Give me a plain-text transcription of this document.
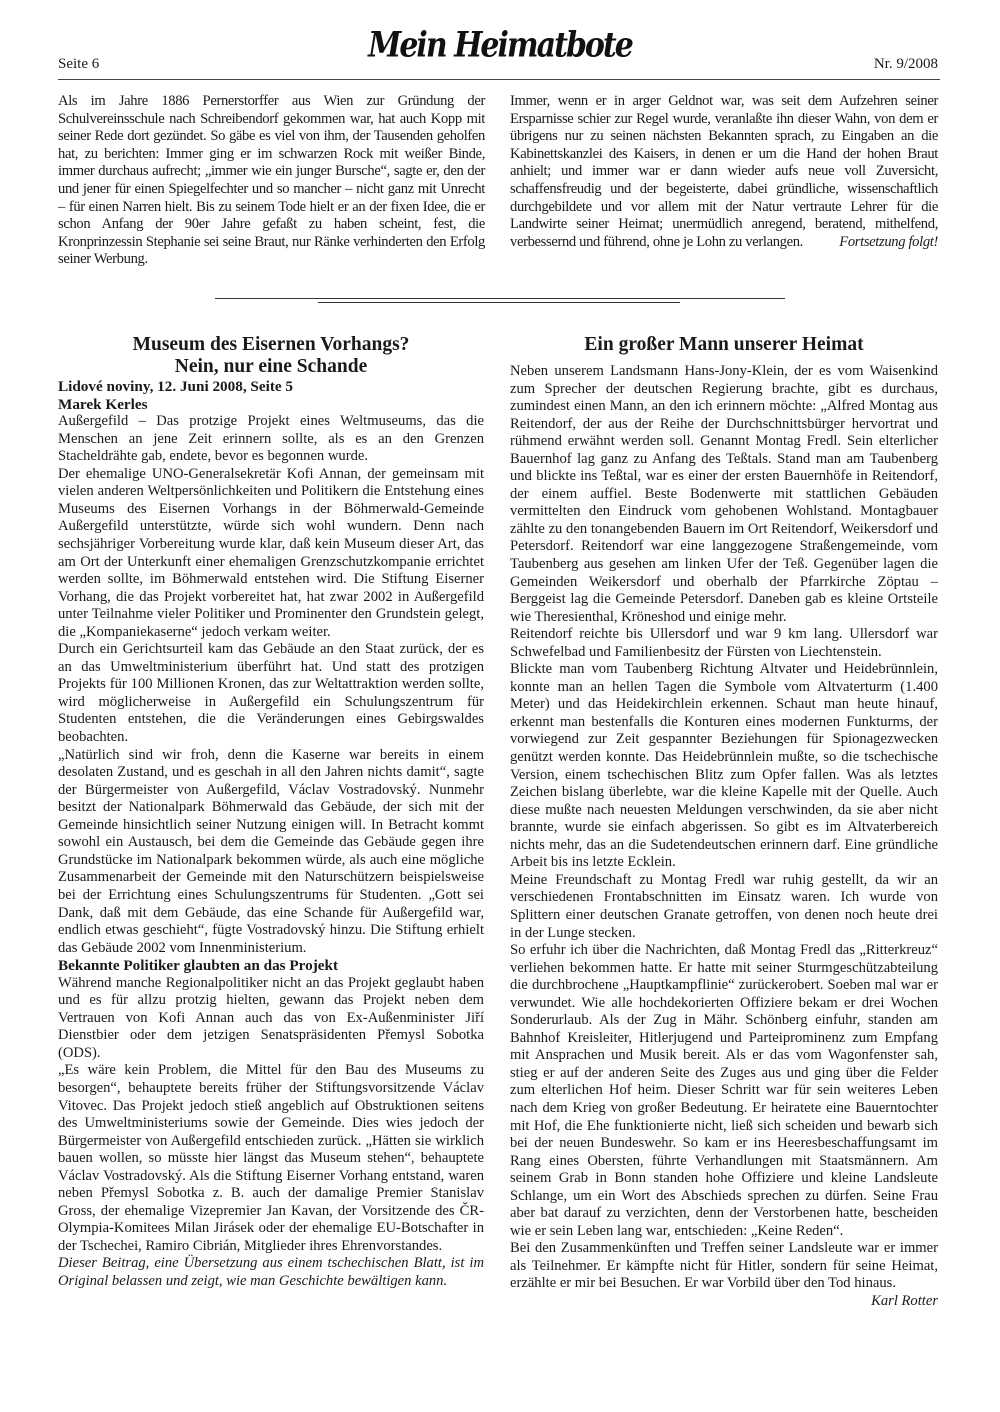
Seite 6	Mein Heimatbote	Nr. 9/2008

Als im Jahre 1886 Pernerstorffer aus Wien zur Gründung der Schulvereinsschule nach Schreibendorf gekommen war, hat auch Kopp mit seiner Rede dort gezündet. So gäbe es viel von ihm, der Tausenden geholfen hat, zu berichten: Immer ging er im schwarzen Rock mit weißer Binde, immer durchaus aufrecht; „immer wie ein junger Bursche“, sagte er, den der und jener für einen Spiegelfechter und so mancher – nicht ganz mit Unrecht – für einen Narren hielt. Bis zu seinem Tode hielt er an der fixen Idee, die er schon Anfang der 90er Jahre gefaßt zu haben scheint, fest, die Kronprinzessin Stephanie sei seine Braut, nur Ränke verhinderten den Erfolg seiner Werbung.

Immer, wenn er in arger Geldnot war, was seit dem Aufzehren seiner Ersparnisse schier zur Regel wurde, veranlaßte ihn dieser Wahn, von dem er übrigens nur zu seinen nächsten Bekannten sprach, zu Eingaben an die Kabinettskanzlei des Kaisers, in denen er um die Hand der hohen Braut anhielt; und immer war er dann wieder aufs neue voll Zuversicht, schaffensfreudig und der begeisterte, dabei gründliche, wissenschaftlich durchgebildete und vor allem mit der Natur vertraute Lehrer für die Landwirte seiner Heimat; unermüdlich anregend, beratend, mithelfend, verbessernd und führend, ohne je Lohn zu verlangen. Fortsetzung folgt!

Museum des Eisernen Vorhangs?
Nein, nur eine Schande
Lidové noviny, 12. Juni 2008, Seite 5
Marek Kerles

Außergefild – Das protzige Projekt eines Weltmuseums, das die Menschen an jene Zeit erinnern sollte, als es an den Grenzen Stacheldrähte gab, endete, bevor es begonnen wurde.

Der ehemalige UNO-Generalsekretär Kofi Annan, der gemeinsam mit vielen anderen Weltpersönlichkeiten und Politikern die Entstehung eines Museums des Eisernen Vorhangs in der Böhmerwald-Gemeinde Außergefild unterstützte, würde sich wohl wundern. Denn nach sechsjähriger Vorbereitung wurde klar, daß kein Museum dieser Art, das am Ort der Unterkunft einer ehemaligen Grenzschutzkompanie errichtet werden sollte, im Böhmerwald entstehen wird. Die Stiftung Eiserner Vorhang, die das Projekt vorbereitet hat, hat zwar 2002 in Außergefild unter Teilnahme vieler Politiker und Prominenter den Grundstein gelegt, die „Kompaniekaserne“ jedoch verkam weiter.

Durch ein Gerichtsurteil kam das Gebäude an den Staat zurück, der es an das Umweltministerium überführt hat. Und statt des protzigen Projekts für 100 Millionen Kronen, das zur Weltattraktion werden sollte, wird möglicherweise in Außergefild ein Schulungszentrum für Studenten entstehen, die die Veränderungen eines Gebirgswaldes beobachten.

„Natürlich sind wir froh, denn die Kaserne war bereits in einem desolaten Zustand, und es geschah in all den Jahren nichts damit“, sagte der Bürgermeister von Außergefild, Václav Vostradovský. Nunmehr besitzt der Nationalpark Böhmerwald das Gebäude, der sich mit der Gemeinde hinsichtlich seiner Nutzung einigen will. In Betracht kommt sowohl ein Austausch, bei dem die Gemeinde das Gebäude gegen ihre Grundstücke im Nationalpark bekommen würde, als auch eine mögliche Zusammenarbeit der Gemeinde mit den Naturschützern beispielsweise bei der Errichtung eines Schulungszentrums für Studenten. „Gott sei Dank, daß mit dem Gebäude, das eine Schande für Außergefild war, endlich etwas geschieht“, fügte Vostradovský hinzu. Die Stiftung erhielt das Gebäude 2002 vom Innenministerium.

Bekannte Politiker glaubten an das Projekt

Während manche Regionalpolitiker nicht an das Projekt geglaubt haben und es für allzu protzig hielten, gewann das Projekt neben dem Vertrauen von Kofi Annan auch das von Ex-Außenminister Jiří Dienstbier oder dem jetzigen Senatspräsidenten Přemysl Sobotka (ODS).

„Es wäre kein Problem, die Mittel für den Bau des Museums zu besorgen“, behauptete bereits früher der Stiftungsvorsitzende Václav Vitovec. Das Projekt jedoch stieß angeblich auf Obstruktionen seitens des Umweltministeriums sowie der Gemeinde. Dies wies jedoch der Bürgermeister von Außergefild entschieden zurück. „Hätten sie wirklich bauen wollen, so müsste hier längst das Museum stehen“, behauptete Václav Vostradovský. Als die Stiftung Eiserner Vorhang entstand, waren neben Přemysl Sobotka z. B. auch der damalige Premier Stanislav Gross, der ehemalige Vizepremier Jan Kavan, der Vorsitzende des ČR-Olympia-Komitees Milan Jirásek oder der ehemalige EU-Botschafter in der Tschechei, Ramiro Cibrián, Mitglieder ihres Ehrenvorstandes.

Dieser Beitrag, eine Übersetzung aus einem tschechischen Blatt, ist im Original belassen und zeigt, wie man Geschichte bewältigen kann.

Ein großer Mann unserer Heimat

Neben unserem Landsmann Hans-Jony-Klein, der es vom Waisenkind zum Sprecher der deutschen Regierung brachte, gibt es durchaus, zumindest einen Mann, an den ich erinnern möchte: „Alfred Montag aus Reitendorf, der aus der Reihe der Durchschnittsbürger hervortrat und rühmend erwähnt werden soll. Genannt Montag Fredl. Sein elterlicher Bauernhof lag ganz zu Anfang des Teßtals. Stand man am Taubenberg und blickte ins Teßtal, war es einer der ersten Bauernhöfe in Reitendorf, der einem auffiel. Beste Bodenwerte mit stattlichen Gebäuden vermittelten den Eindruck vom gehobenen Wohlstand. Montagbauer zählte zu den tonangebenden Bauern im Ort Reitendorf, Weikersdorf und Petersdorf. Reitendorf war eine langgezogene Straßengemeinde, vom Taubenberg aus gesehen am linken Ufer der Teß. Gegenüber lagen die Gemeinden Weikersdorf und oberhalb der Pfarrkirche Zöptau – Berggeist lag die Gemeinde Petersdorf. Daneben gab es kleine Ortsteile wie Theresienthal, Kröneshod und einige mehr.

Reitendorf reichte bis Ullersdorf und war 9 km lang. Ullersdorf war Schwefelbad und Familienbesitz der Fürsten von Liechtenstein.

Blickte man vom Taubenberg Richtung Altvater und Heidebrünnlein, konnte man an hellen Tagen die Symbole vom Altvaterturm (1.400 Meter) und das Heidekirchlein erkennen. Schaut man heute hinauf, erkennt man bestenfalls die Konturen eines modernen Funkturms, der vorwiegend zur Zeit gespannter Beziehungen für Spionagezwecken genützt werden konnte. Das Heidebrünnlein mußte, so die tschechische Version, einem tschechischen Blitz zum Opfer fallen. Was als letztes Zeichen bislang überlebte, war die kleine Kapelle mit der Quelle. Auch diese mußte nach neuesten Meldungen verschwinden, da sie aber nicht brannte, wurde sie einfach abgerissen. So gibt es im Altvaterbereich nichts mehr, das an die Sudetendeutschen erinnern darf. Eine gründliche Arbeit bis ins letzte Ecklein.

Meine Freundschaft zu Montag Fredl war ruhig gestellt, da wir an verschiedenen Frontabschnitten im Einsatz waren. Ich wurde von Splittern einer deutschen Granate getroffen, von denen noch heute drei in der Lunge stecken.

So erfuhr ich über die Nachrichten, daß Montag Fredl das „Ritterkreuz“ verliehen bekommen hatte. Er hatte mit seiner Sturmgeschützabteilung die durchbrochene „Hauptkampflinie“ zurückerobert. Soeben mal war er verwundet. Wie alle hochdekorierten Offiziere bekam er drei Wochen Sonderurlaub. Als der Zug in Mähr. Schönberg einfuhr, standen am Bahnhof Kreisleiter, Hitlerjugend und Parteiprominenz zum Empfang mit Ansprachen und Musik bereit. Als er das vom Wagonfenster sah, stieg er auf der anderen Seite des Zuges aus und ging über die Felder zum elterlichen Hof heim. Dieser Schritt war für sein weiteres Leben nach dem Krieg von großer Bedeutung. Er heiratete eine Bauerntochter mit Hof, die Ehe funktionierte nicht, ließ sich scheiden und bewarb sich bei der neuen Bundeswehr. So kam er ins Heeresbeschaffungsamt im Rang eines Obersten, führte Verhandlungen mit Staatsmännern. Am seinem Grab in Bonn standen hohe Offiziere und kleine Landsleute Schlange, um ein Wort des Abschieds sprechen zu dürfen. Seine Frau aber bat darauf zu verzichten, denn der Verstorbenen hatte, bescheiden wie er sein Leben lang war, entschieden: „Keine Reden“.

Bei den Zusammenkünften und Treffen seiner Landsleute war er immer als Teilnehmer. Er kämpfte nicht für Hitler, sondern für seine Heimat, erzählte er mir bei Besuchen. Er war Vorbild über den Tod hinaus.
Karl Rotter
